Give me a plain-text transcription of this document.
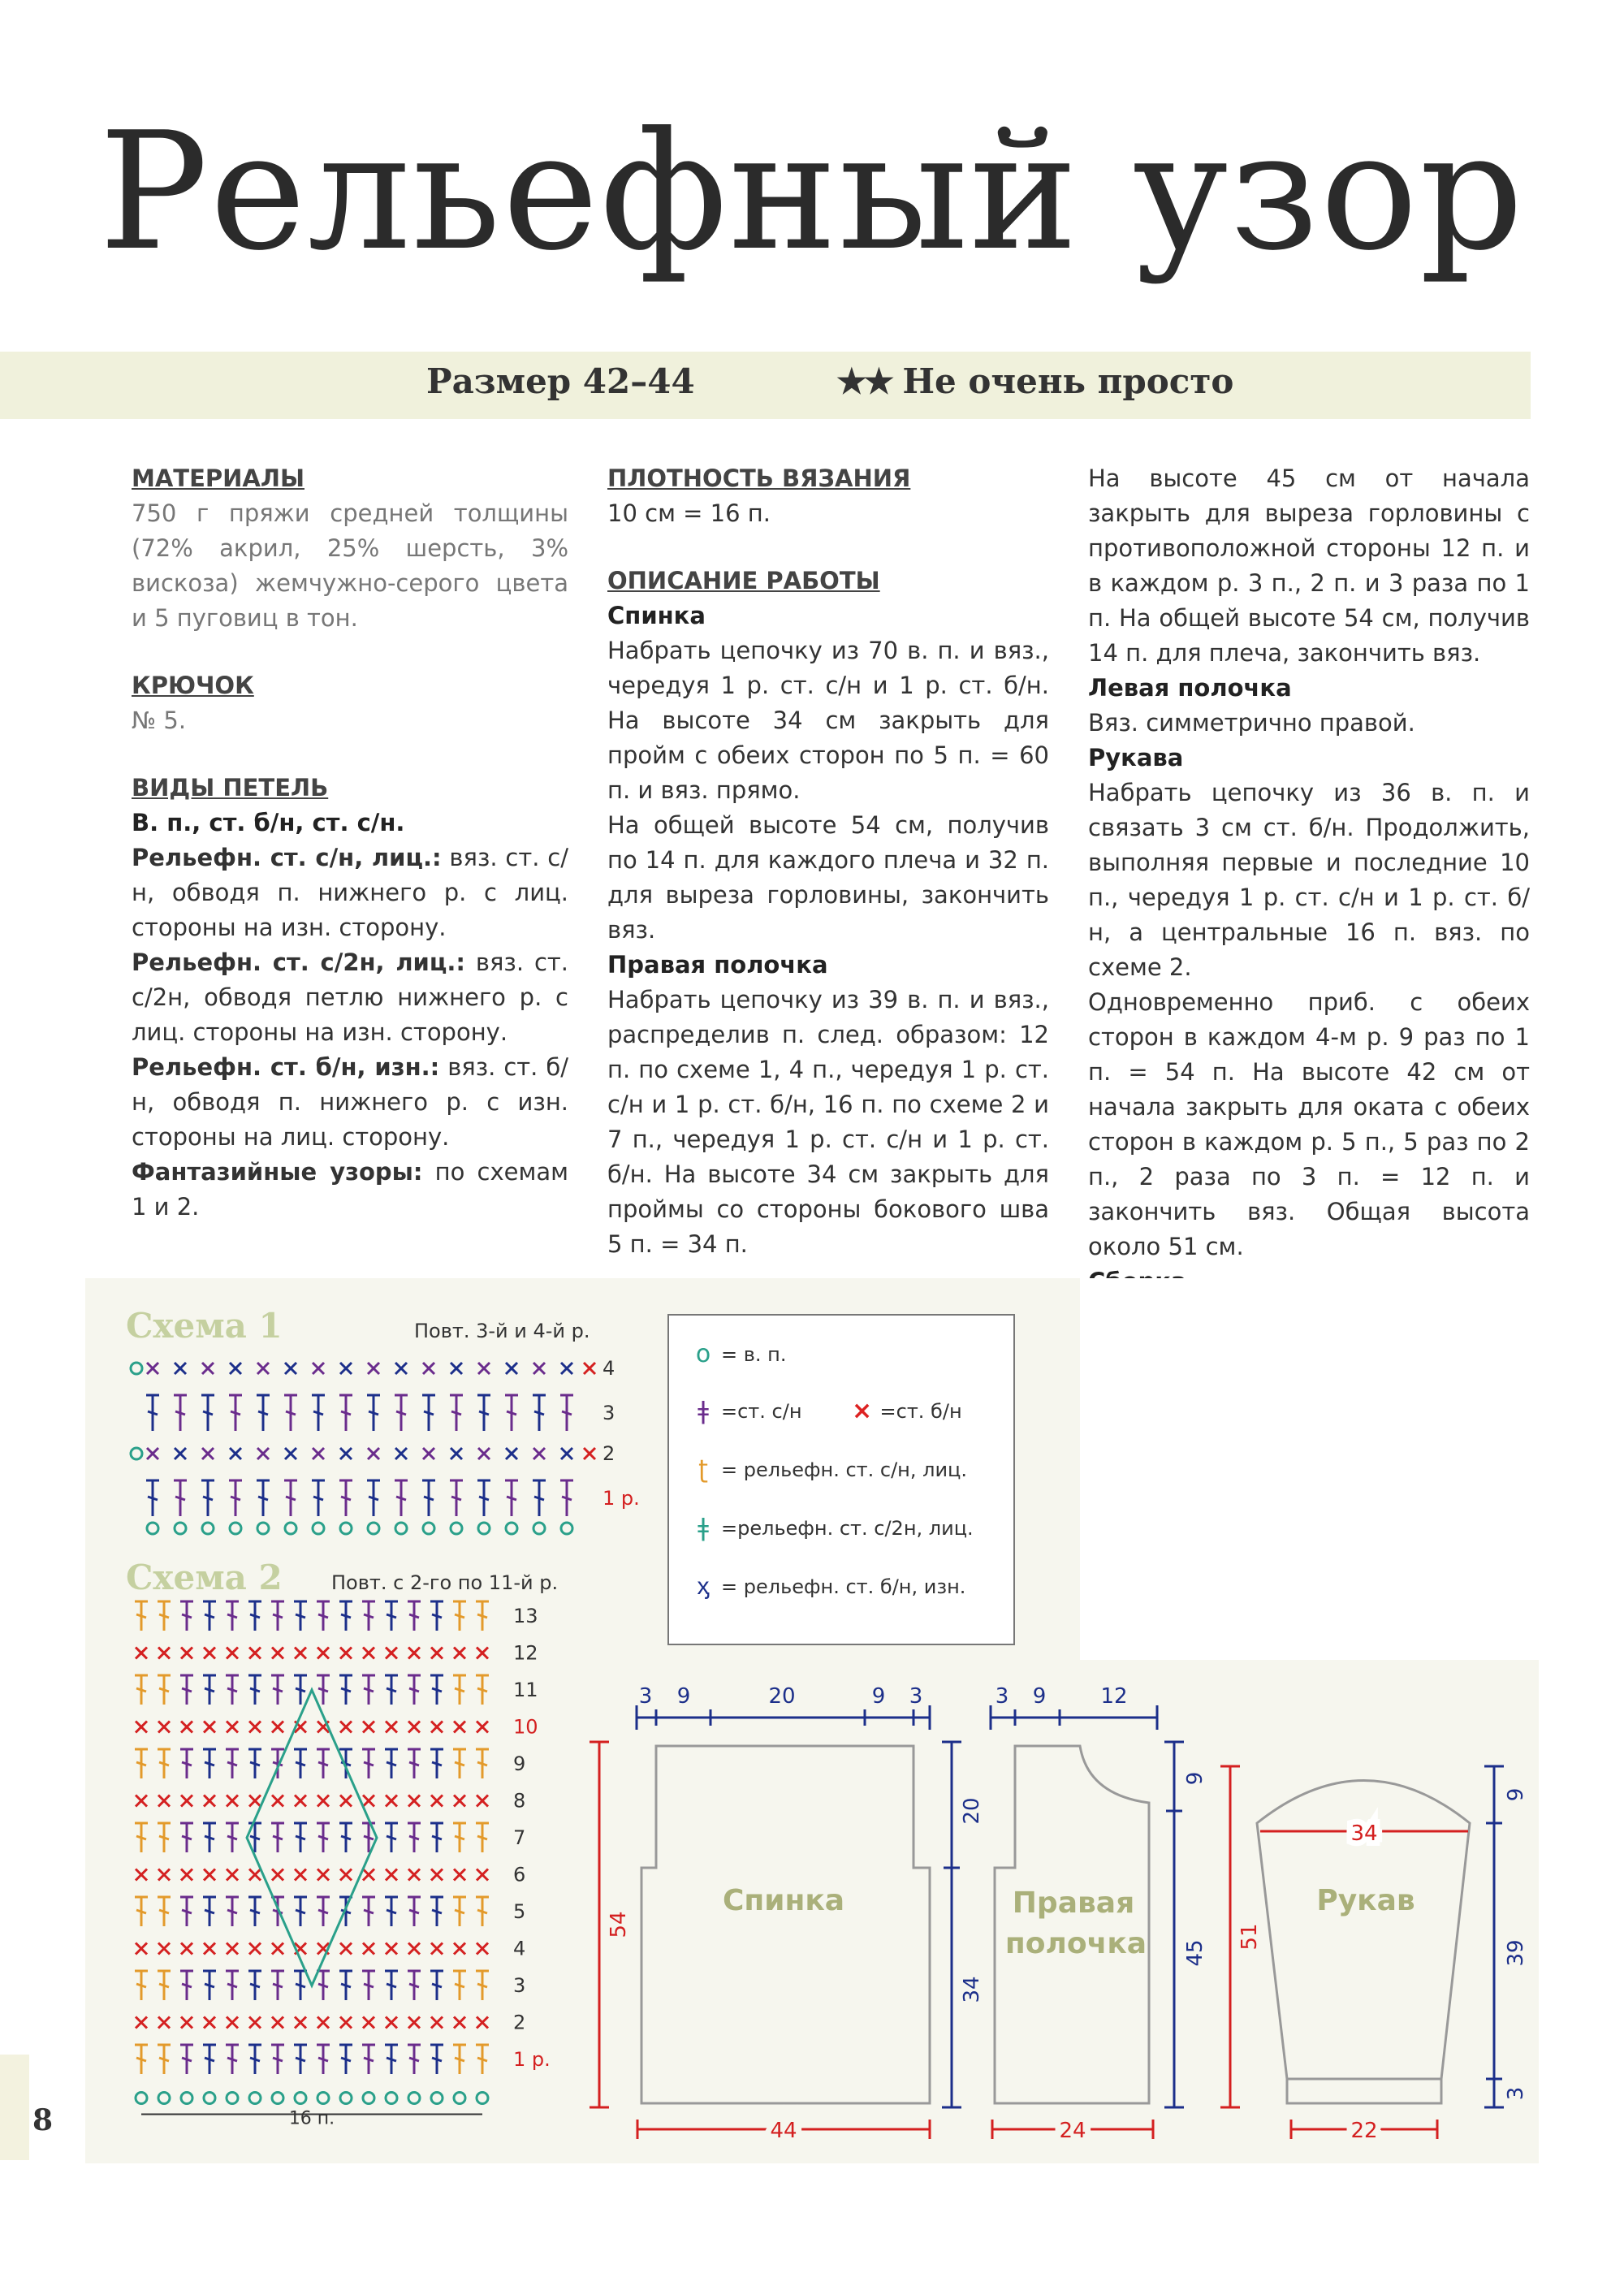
Рельефный узор
Размер 42–44	★★ Не очень просто

МАТЕРИАЛЫ

750 г пряжи средней толщины (72% акрил, 25% шерсть, 3% вискоза) жемчужно-серого цвета и 5 пуговиц в тон.

КРЮЧОК

№ 5.

ВИДЫ ПЕТЕЛЬ

В. п., ст. б/н, ст. с/н.

Рельефн. ст. с/н, лиц.: вяз. ст. с/н, обводя п. нижнего р. с лиц. стороны на изн. сторону.

Рельефн. ст. с/2н, лиц.: вяз. ст. с/2н, обводя петлю нижнего р. с лиц. стороны на изн. сторону.

Рельефн. ст. б/н, изн.: вяз. ст. б/н, обводя п. нижнего р. с изн. стороны на лиц. сторону.

Фантазийные узоры: по схемам 1 и 2.

ПЛОТНОСТЬ ВЯЗАНИЯ

10 см = 16 п.

ОПИСАНИЕ РАБОТЫ

Спинка

Набрать цепочку из 70 в. п. и вяз., чередуя 1 р. ст. с/н и 1 р. ст. б/н. На высоте 34 см закрыть для пройм с обеих сторон по 5 п. = 60 п. и вяз. прямо.

На общей высоте 54 см, получив по 14 п. для каждого плеча и 32 п. для выреза горловины, закончить вяз.

Правая полочка

Набрать цепочку из 39 в. п. и вяз., распределив п. след. образом: 12 п. по схеме 1, 4 п., чередуя 1 р. ст. с/н и 1 р. ст. б/н, 16 п. по схеме 2 и 7 п., чередуя 1 р. ст. с/н и 1 р. ст. б/н. На высоте 34 см закрыть для проймы со стороны бокового шва 5 п. = 34 п.

На высоте 45 см от начала закрыть для выреза горловины с противоположной стороны 12 п. и в каждом р. 3 п., 2 п. и 3 раза по 1 п. На общей высоте 54 см, получив 14 п. для плеча, закончить вяз.

Левая полочка

Вяз. симметрично правой.

Рукава

Набрать цепочку из 36 в. п. и связать 3 см ст. б/н. Продолжить, выполняя первые и последние 10 п., чередуя 1 р. ст. с/н и 1 р. ст. б/н, а центральные 16 п. вяз. по схеме 2.

Одновременно приб. с обеих сторон в каждом 4-м р. 9 раз по 1 п. = 54 п. На высоте 42 см от начала закрыть для оката с обеих сторон в каждом р. 5 п., 5 раз по 2 п., 2 раза по 3 п. = 12 п. и закончить вяз. Общая высота около 51 см.

8
Схема 1	Повт. 3-й и 4-й р.
4
3
2
1 р.
Схема 2	Повт. с 2-го по 11-й р.
13
12
11
10
9
8
7
6
5
4
3
2
1 р.
16 п.
o = в. п.
ǂ =ст. с/н × =ст. б/н
ʈ = рельефн. ст. с/н, лиц.
ǂ =рельефн. ст. с/2н, лиц.
ᶍ = рельефн. ст. б/н, изн.
Спинка	Правая
полочка
Рукав
3 9	20	9 3	3 9	12
20
34
9
45
9
39
3
54	51
44	24	22
34
